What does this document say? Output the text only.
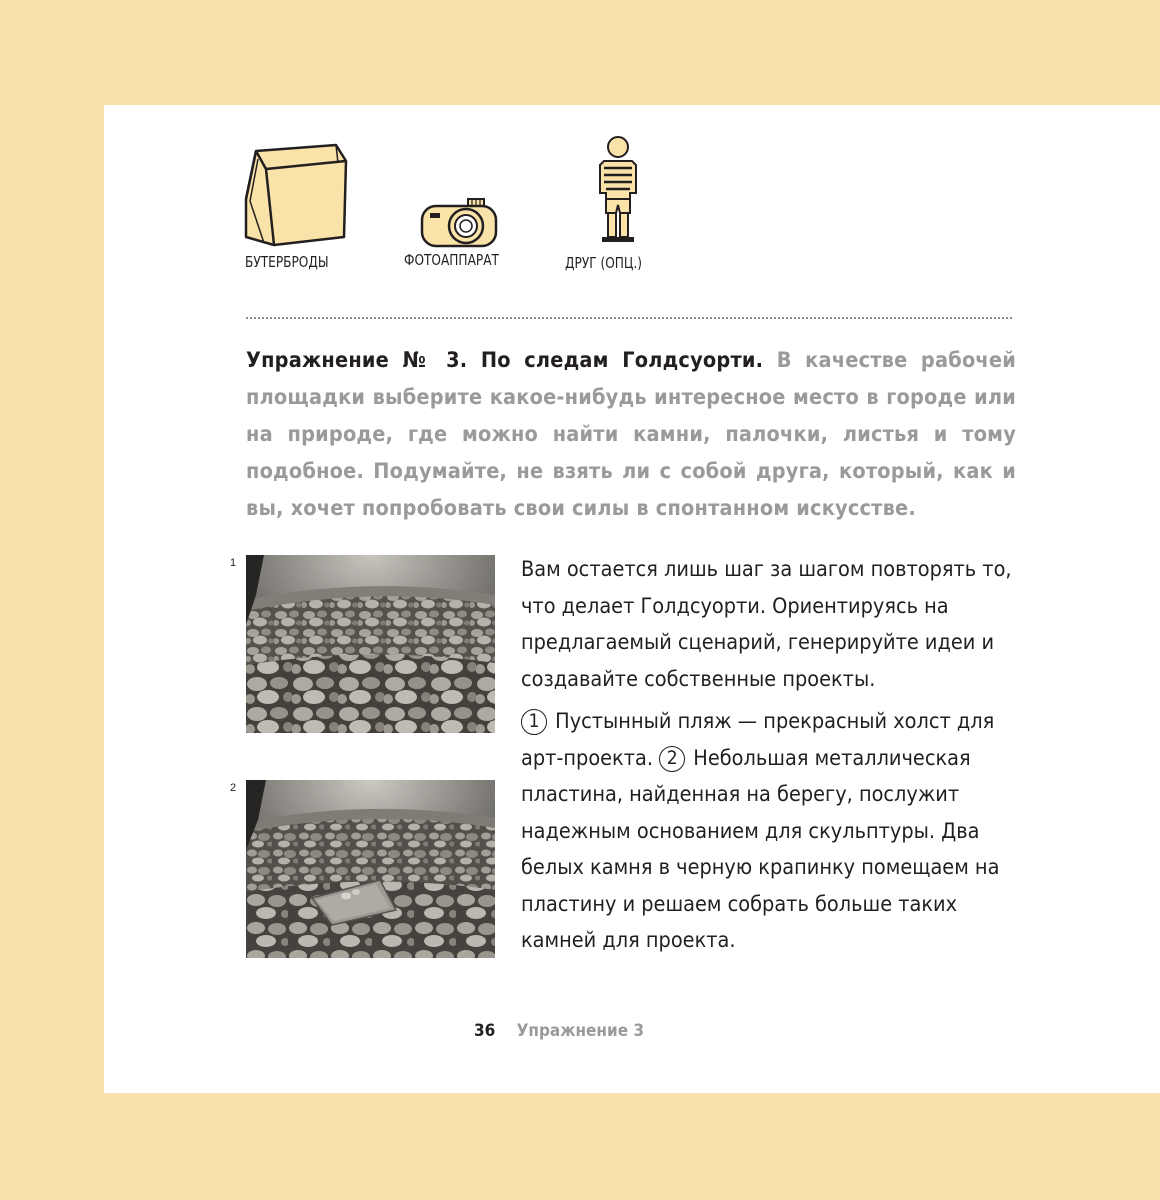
БУТЕРБРОДЫ	ФОТОАППАРАТ	ДРУГ (ОПЦ.)

Упражнение № 3. По следам Голдсуорти. В качестве рабочей площадки выберите какое-нибудь интересное место в городе или на природе, где можно найти камни, палочки, листья и тому подобное. Подумайте, не взять ли с собой друга, который, как и вы, хочет попробовать свои силы в спонтанном искусстве.

1
2

Вам остается лишь шаг за шагом повторять то, что делает Голдсуорти. Ориентируясь на предлагаемый сценарий, генерируйте идеи и создавайте собственные проекты.

1 Пустынный пляж — прекрасный холст для арт-проекта. 2 Небольшая металлическая пластина, найденная на берегу, послужит надежным основанием для скульптуры. Два белых камня в черную крапинку помещаем на пластину и решаем собрать больше таких камней для проекта.

36 Упражнение 3
